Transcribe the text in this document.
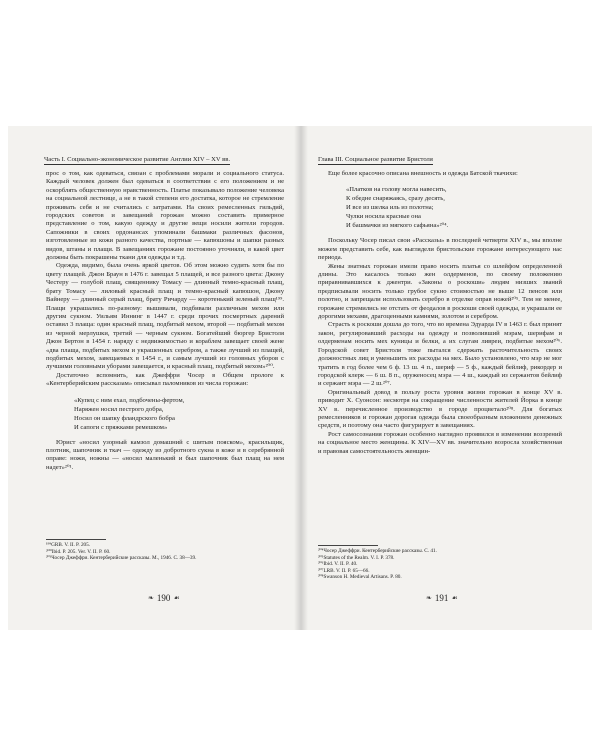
Часть I. Социально-экономическое развитие Англии XIV – XV вв.

прос о том, как одеваться, связан с проблемами морали и социального статуса. Каждый человек должен был одеваться в соответствии с его положением и не оскорблять общественную нравственность. Платье показывало положение человека на социальной лестнице, а не в такой степени его достатка, которое не стремление проживать себя и не считались с затратами. На своих ремесленных гильдий, городских советов и завещаний горожан можно составить примерное представление о том, какую одежду и другие вещи носили жители городов. Сапожники в своих ордонансах упоминали башмаки различных фасонов, изготовленные из кожи разного качества, портные — капюшоны и шапки разных видов, штаны и плащи. В завещаниях горожане постоянно уточняли, в какой цвет должны быть покрашены ткани для одежды и т.д.

Одежда, видимо, была очень яркой цветов. Об этом можно судить хотя бы по цвету плащей. Джон Браун в 1476 г. завещал 5 плащей, и все разного цвета: Джону Честеру — голубой плащ, священнику Томасу — длинный темно-красный плащ, брату Томасу — лиловый красный плащ и темно-красный капюшон, Джону Вайнеру — длинный серый плащ, брату Ричарду — коротенький зеленый плащ¹⁹⁹. Плащи украшались по-разному: вышивали, подбивали различным мехом или другим сукном. Уильям Иннинг в 1447 г. среди прочих посмертных дарений оставил 3 плаща: один красный плащ, подбитый мехом, второй — подбитый мехом из черной мерлушки, третий — черным сукном. Богатейший бюргер Бристоля Джон Бертон в 1454 г. наряду с недвижимостью и кораблем завещает своей жене «два плаща, подбитых мехом и украшенных серебром, а также лучший из плащей, подбитых мехом, завещаемых в 1454 г., и самым лучший из головных уборов с лучшими головными уборами завещается, и красный плащ, подбитый мехом»²⁰⁰.

Достаточно вспомнить, как Джеффри Чосер в Общем прологе к «Кентерберийским рассказам» описывал паломников из числа горожан:

«Купец с ним ехал, подбочены-фертом,
Наряжен носил пестрого добра,
Носил он шапку фландрского бобра
И сапоги с пряжками ремешком»

Юрист «носил узорный камзол домашний с шитым пояском», красильщик, плотник, шапочник и ткач — одежду из добротного сукна в коже и в серебрянной оправе: ножи, ножны — «носил маленький и был шапочник был плащ на нем надет»²⁰¹.

¹⁹⁹GRB. V. II. P. 205.
²⁰⁰Ibid. P. 205. Ver. V. II. P. 60.
²⁰¹Чосер Джеффри. Кентерберийские рассказы. М., 1946. С. 38—39.
❧ 190 ☙
Глава III. Социальное развитие Бристоля

Еще более красочно описана внешность и одежда Батской ткачихи:

«Платков на голову могла навесить,
К обедне снаряжаясь, сразу десять,
И все из шелка иль из полотна;
Чулки носила красные она
И башмачки из мягкого сафьяна»²⁰⁴.

Поскольку Чосер писал свои «Рассказы» в последней четверти XIV в., мы вполне можем представить себе, как выглядели бристольские горожане интересующего нас периода.

Жены знатных горожан имели право носить платья со шлейфом определенной длины. Это касалось только жен олдерменов, по своему положению приравнивавшихся к джентри. «Законы о роскоши» людям низших званий предписывали носить только грубое сукно стоимостью не выше 12 пенсов или полотно, и запрещали использовать серебро в отделке оправ ножей²⁰⁵. Тем не менее, горожане стремились не отстать от феодалов в роскоши своей одежды, и украшали ее дорогими мехами, драгоценными камнями, золотом и серебром.

Страсть к роскоши дошла до того, что во времена Эдуарда IV в 1463 г. был принят закон, регулировавший расходы на одежду и позволивший мэрам, шерифам и олдерменам носить мех куницы и белки, а их слугам ливреи, подбитые мехом²⁰⁶. Городской совет Бристоля тоже пытался сдержать расточительность своих должностных лиц и уменьшить их расходы на мех. Было установлено, что мэр не мог тратить в год более чем 6 ф. 13 ш. 4 п., шериф — 5 ф., каждый бейлиф, рикордер и городской клерк — 6 ш. 8 п., оруженосец мэра — 4 ш., каждый из сержантов бейлиф и сержант мэра — 2 ш.²⁰⁷.

Оригинальный довод в пользу роста уровня жизни горожан в конце XV в. приводит Х. Суонсон: несмотря на сокращение численности жителей Йорка в конце XV в. перечисленное производство в городе процветало²⁰⁸. Для богатых ремесленников и горожан дорогая одежда была своеобразным вложением денежных средств, и поэтому она часто фигурирует в завещаниях.

Рост самосознания горожан особенно наглядно проявился в изменении воззрений на социальное место женщины. К XIV—XV вв. значительно возросла хозяйственная и правовая самостоятельность женщин-

²⁰⁴Чосер Джеффри. Кентерберийские рассказы. С. 41.
²⁰⁵Statutes of the Realm. V. I. P. 378.
²⁰⁶Ibid. V. II. P. 40.
²⁰⁷LRB. V. II. P. 65—66.
²⁰⁸Swanson H. Medieval Artisans. P. 80.
❧ 191 ☙
